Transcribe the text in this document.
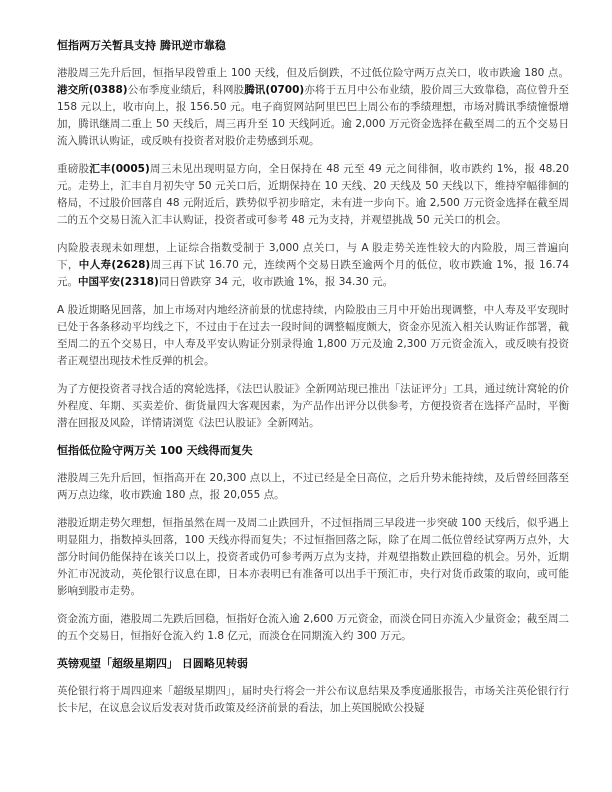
恒指两万关暂具支持 腾讯逆市靠稳

港股周三先升后回，恒指早段曾重上 100 天线，但及后倒跌，不过低位险守两万点关口，收市跌逾 180 点。港交所(0388)公布季度业绩后，科网股腾讯(0700)亦将于五月中公布业绩，股价周三大致靠稳，高位曾升至 158 元以上，收市向上，报 156.50 元。电子商贸网站阿里巴巴上周公布的季绩理想，市场对腾讯季绩憧憬增加，腾讯继周二重上 50 天线后，周三再升至 10 天线阿近。逾 2,000 万元资金选择在截至周二的五个交易日流入腾讯认购证，或反映有投资者对股价走势感到乐观。

重磅股汇丰(0005)周三未见出现明显方向，全日保持在 48 元至 49 元之间徘徊，收市跌约 1%，报 48.20 元。走势上，汇丰自月初失守 50 元关口后，近期保持在 10 天线、20 天线及 50 天线以下，维持窄幅徘徊的格局，不过股价回落自 48 元附近后，跌势似乎初步暗定，未有进一步向下。逾 2,500 万元资金选择在截至周二的五个交易日流入汇丰认购证，投资者或可参考 48 元为支持，并观望挑战 50 元关口的机会。

内险股表现未如理想，上证综合指数受制于 3,000 点关口，与 A 股走势关连性较大的内险股，周三普遍向下，中人寿(2628)周三再下试 16.70 元，连续两个交易日跌至逾两个月的低位，收市跌逾 1%，报 16.74 元。中国平安(2318)同日曾跌穿 34 元，收市跌逾 1%，报 34.30 元。

A 股近期略见回落，加上市场对内地经济前景的忧虑持续，内险股由三月中开始出现调整，中人寿及平安现时已处于各条移动平均线之下，不过由于在过去一段时间的调整幅度颇大，资金亦见流入相关认购证作部署，截至周二的五个交易日，中人寿及平安认购证分别录得逾 1,800 万元及逾 2,300 万元资金流入，或反映有投资者正观望出现技术性反弹的机会。

为了方便投资者寻找合适的窝轮选择，《法巴认股证》全新网站现已推出「法证评分」工具，通过统计窝轮的价外程度、年期、买卖差价、街货量四大客观因素，为产品作出评分以供参考，方便投资者在选择产品时，平衡潜在回报及风险，详情请浏览《法巴认股证》全新网站。

恒指低位险守两万关 100 天线得而复失

港股周三先升后回，恒指高开在 20,300 点以上，不过已经是全日高位，之后升势未能持续，及后曾经回落至两万点边缘，收市跌逾 180 点，报 20,055 点。

港股近期走势欠理想，恒指虽然在周一及周二止跌回升，不过恒指周三早段进一步突破 100 天线后，似乎遇上明显阻力，指数掉头回落，100 天线亦得而复失；不过恒指回落之际，除了在周二低位曾经试穿两万点外，大部分时间仍能保持在该关口以上，投资者或仍可参考两万点为支持，并观望指数止跌回稳的机会。另外，近期外汇市况波动，英伦银行议息在即，日本亦表明已有准备可以出手干预汇市，央行对货币政策的取向，或可能影响到股市走势。

资金流方面，港股周二先跌后回稳，恒指好仓流入逾 2,600 万元资金，而淡仓同日亦流入少量资金；截至周二的五个交易日，恒指好仓流入约 1.8 亿元，而淡仓在同期流入约 300 万元。

英镑观望「超级星期四」 日圆略见转弱

英伦银行将于周四迎来「超级星期四」，届时央行将会一并公布议息结果及季度通胀报告，市场关注英伦银行行长卡尼，在议息会议后发表对货币政策及经济前景的看法，加上英国脱欧公投疑
